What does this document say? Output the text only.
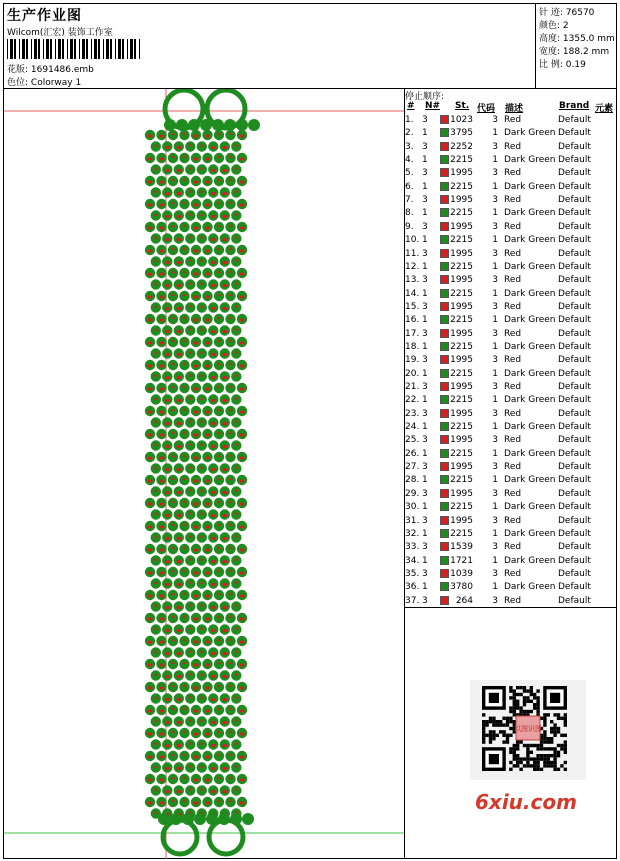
生产作业图
Wilcom(汇宏) 装饰工作室
花版: 1691486.emb
色位: Colorway 1
针 迹: 76570
颜色: 2
高度: 1355.0 mm
宽度: 188.2 mm
比 例: 0.19
停止顺序:
# N# St. 代码 描述	Brand 元素
1. 3 1023 3 Red	Default
2. 1 3795 1 Dark Green Default
3. 3 2252 3 Red	Default
4. 1 2215 1 Dark Green Default
5. 3 1995 3 Red	Default
6. 1 2215 1 Dark Green Default
7. 3 1995 3 Red	Default
8. 1 2215 1 Dark Green Default
9. 3 1995 3 Red	Default
10. 1 2215 1 Dark Green Default
11. 3 1995 3 Red	Default
12. 1 2215 1 Dark Green Default
13. 3 1995 3 Red	Default
14. 1 2215 1 Dark Green Default
15. 3 1995 3 Red	Default
16. 1 2215 1 Dark Green Default
17. 3 1995 3 Red	Default
18. 1 2215 1 Dark Green Default
19. 3 1995 3 Red	Default
20. 1 2215 1 Dark Green Default
21. 3 1995 3 Red	Default
22. 1 2215 1 Dark Green Default
23. 3 1995 3 Red	Default
24. 1 2215 1 Dark Green Default
25. 3 1995 3 Red	Default
26. 1 2215 1 Dark Green Default
27. 3 1995 3 Red	Default
28. 1 2215 1 Dark Green Default
29. 3 1995 3 Red	Default
30. 1 2215 1 Dark Green Default
31. 3 1995 3 Red	Default
32. 1 2215 1 Dark Green Default
33. 3 1539 3 Red	Default
34. 1 1721 1 Dark Green Default
35. 3 1039 3 Red	Default
36. 1 3780 1 Dark Green Default
37. 3	264 3 Red	Default
以图识图
6xiu.com
